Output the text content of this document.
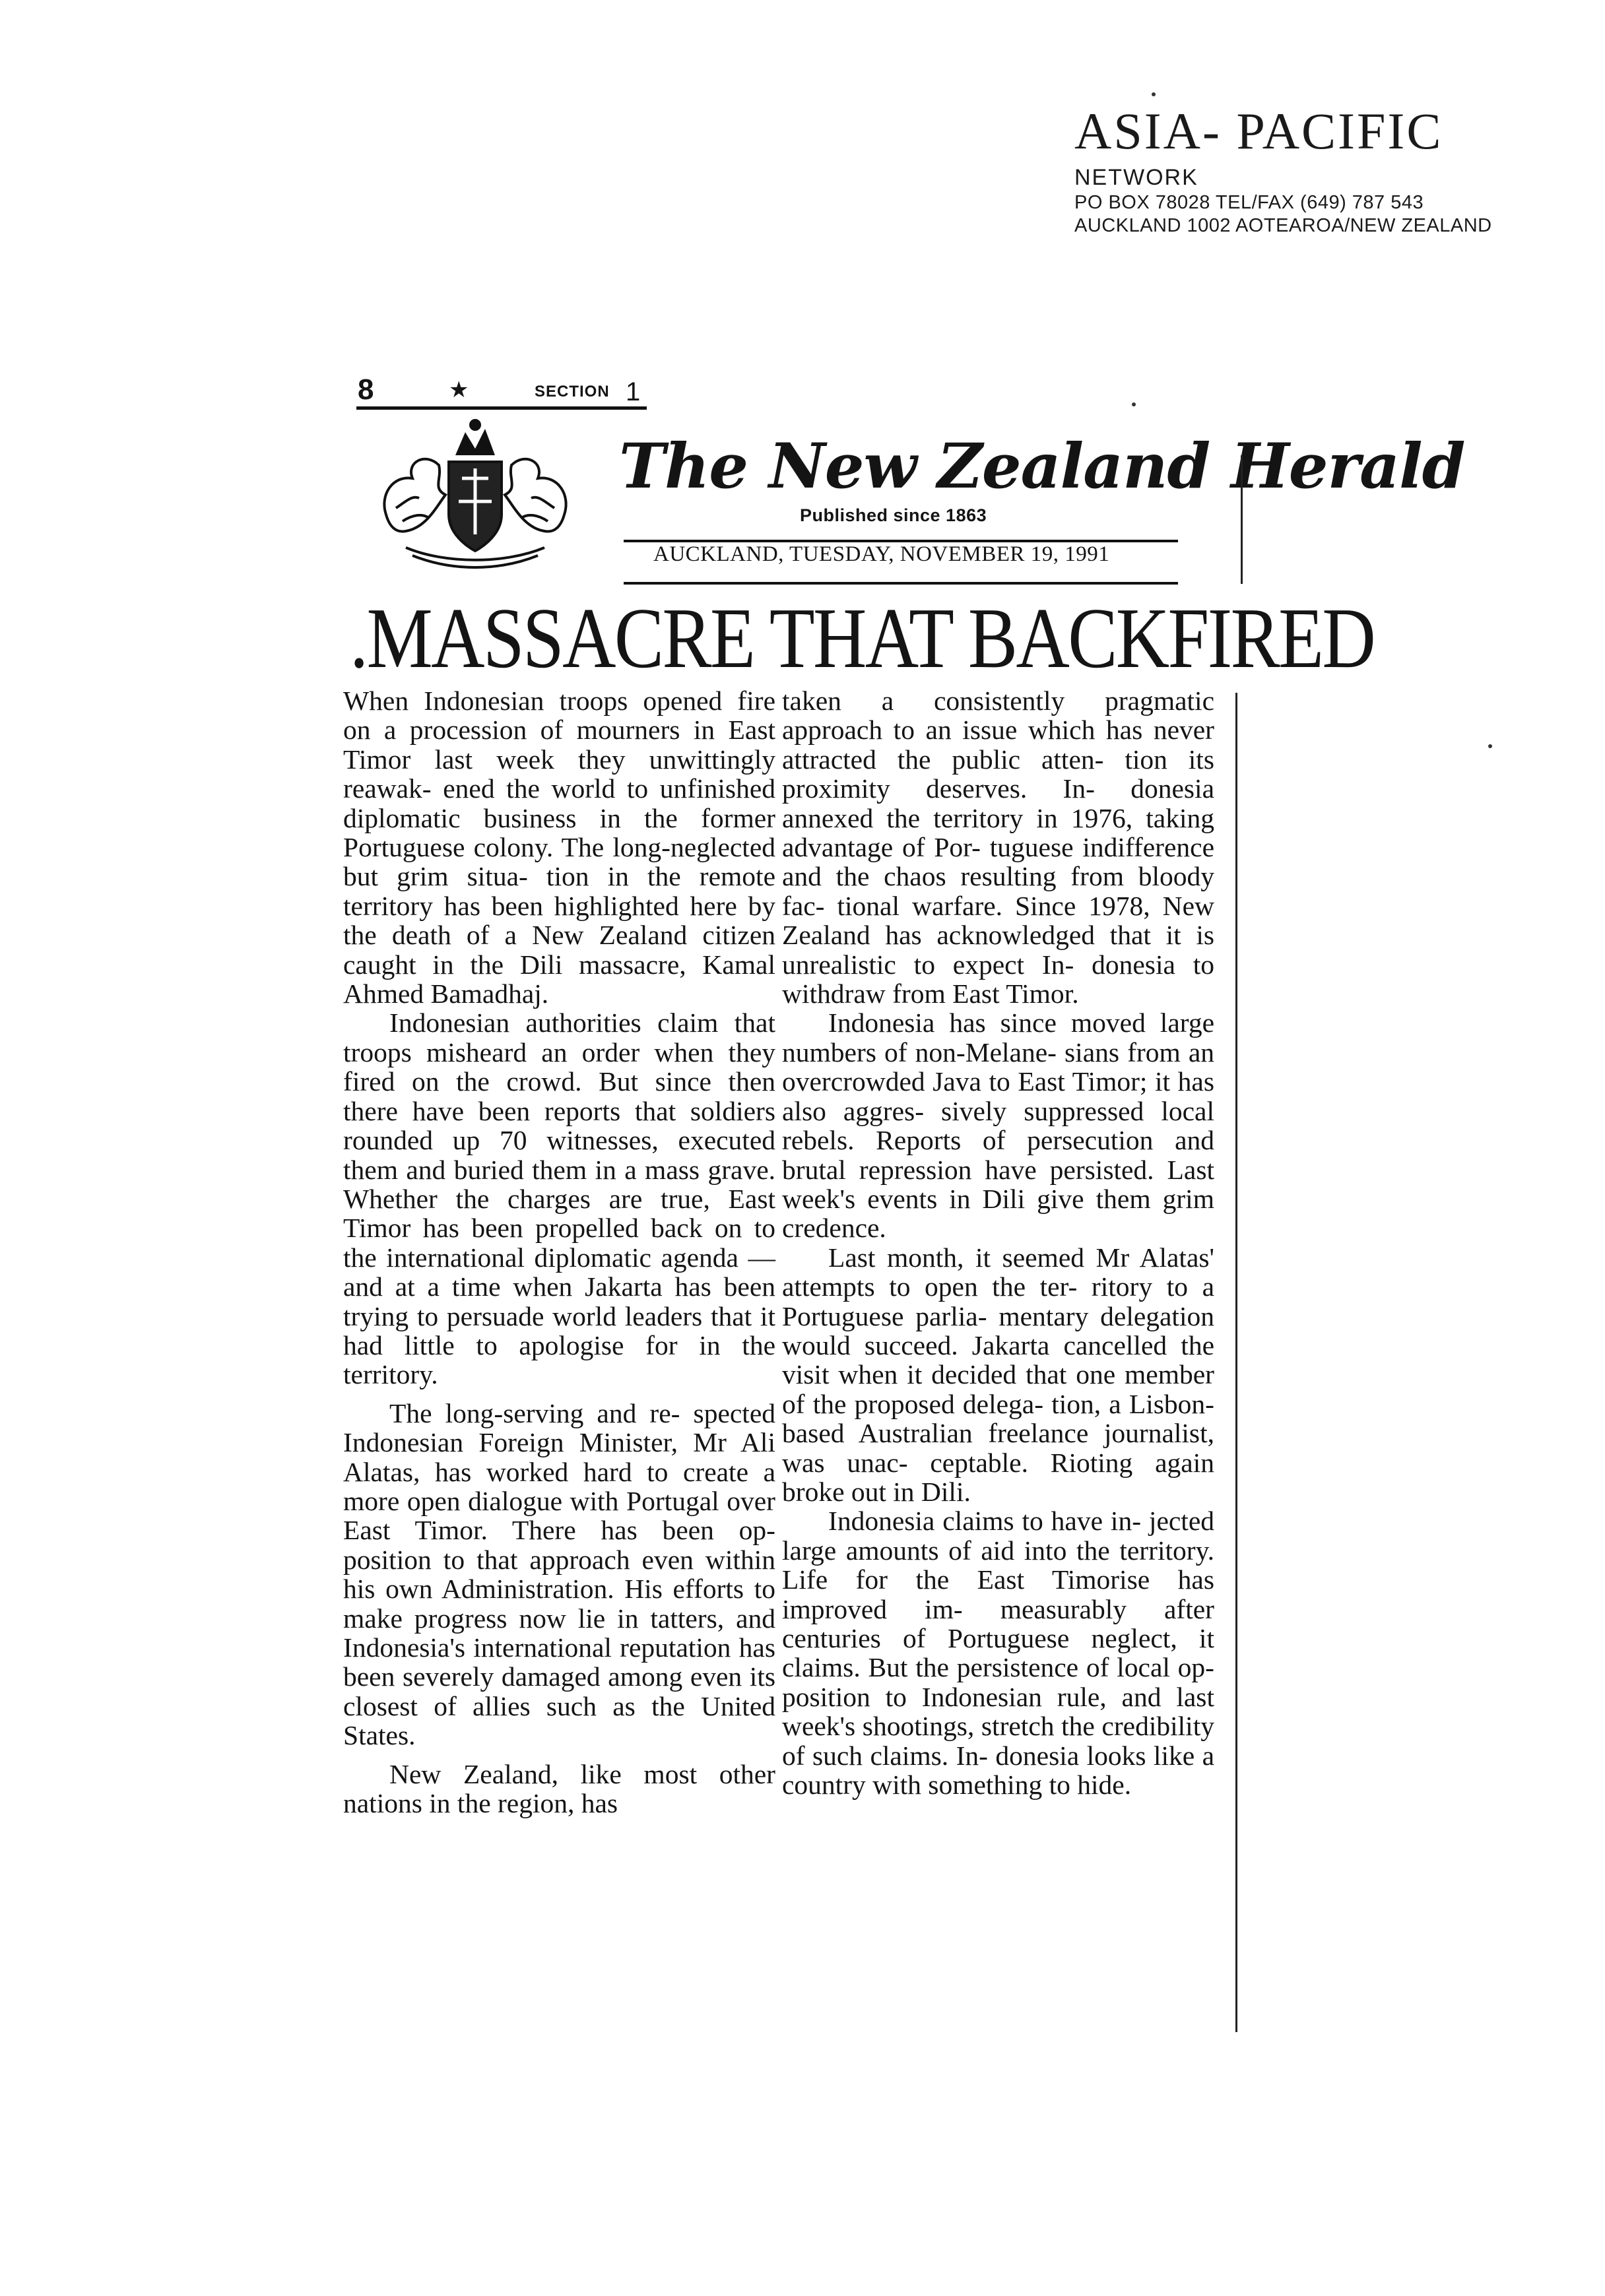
ASIA- PACIFIC
NETWORK
PO BOX 78028 TEL/FAX (649) 787 543
AUCKLAND 1002 AOTEAROA/NEW ZEALAND
8	★	SECTION 1
The New Zealand Herald
Published since 1863
AUCKLAND, TUESDAY, NOVEMBER 19, 1991
.MASSACRE THAT BACKFIRED

When Indonesian troops opened fire on a procession of mourners in East Timor last week they unwittingly reawak- ened the world to unfinished diplomatic business in the former Portuguese colony. The long-neglected but grim situa- tion in the remote territory has been highlighted here by the death of a New Zealand citizen caught in the Dili massacre, Kamal Ahmed Bamadhaj.

Indonesian authorities claim that troops misheard an order when they fired on the crowd. But since then there have been reports that soldiers rounded up 70 witnesses, executed them and buried them in a mass grave. Whether the charges are true, East Timor has been propelled back on to the international diplomatic agenda — and at a time when Jakarta has been trying to persuade world leaders that it had little to apologise for in the territory.

The long-serving and re- spected Indonesian Foreign Minister, Mr Ali Alatas, has worked hard to create a more open dialogue with Portugal over East Timor. There has been op- position to that approach even within his own Administration. His efforts to make progress now lie in tatters, and Indonesia's international reputation has been severely damaged among even its closest of allies such as the United States.

New Zealand, like most other nations in the region, has

taken a consistently pragmatic approach to an issue which has never attracted the public atten- tion its proximity deserves. In- donesia annexed the territory in 1976, taking advantage of Por- tuguese indifference and the chaos resulting from bloody fac- tional warfare. Since 1978, New Zealand has acknowledged that it is unrealistic to expect In- donesia to withdraw from East Timor.

Indonesia has since moved large numbers of non-Melane- sians from an overcrowded Java to East Timor; it has also aggres- sively suppressed local rebels. Reports of persecution and brutal repression have persisted. Last week's events in Dili give them grim credence.

Last month, it seemed Mr Alatas' attempts to open the ter- ritory to a Portuguese parlia- mentary delegation would succeed. Jakarta cancelled the visit when it decided that one member of the proposed delega- tion, a Lisbon-based Australian freelance journalist, was unac- ceptable. Rioting again broke out in Dili.

Indonesia claims to have in- jected large amounts of aid into the territory. Life for the East Timorise has improved im- measurably after centuries of Portuguese neglect, it claims. But the persistence of local op- position to Indonesian rule, and last week's shootings, stretch the credibility of such claims. In- donesia looks like a country with something to hide.
